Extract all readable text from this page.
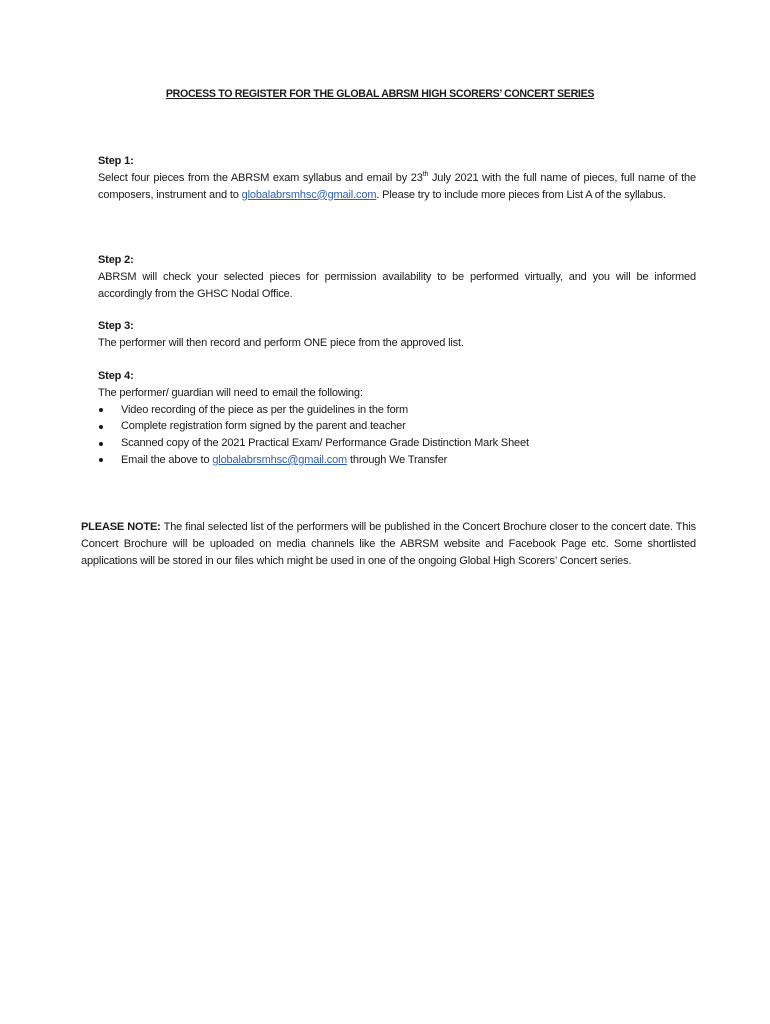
PROCESS TO REGISTER FOR THE GLOBAL ABRSM HIGH SCORERS’ CONCERT SERIES

Step 1:

Select four pieces from the ABRSM exam syllabus and email by 23th July 2021 with the full name of pieces, full name of the composers, instrument and to globalabrsmhsc@gmail.com. Please try to include more pieces from List A of the syllabus.

Step 2:

ABRSM will check your selected pieces for permission availability to be performed virtually, and you will be informed accordingly from the GHSC Nodal Office.

Step 3:

The performer will then record and perform ONE piece from the approved list.

Step 4:

The performer/ guardian will need to email the following:

Video recording of the piece as per the guidelines in the form
Complete registration form signed by the parent and teacher
Scanned copy of the 2021 Practical Exam/ Performance Grade Distinction Mark Sheet
Email the above to globalabrsmhsc@gmail.com through We Transfer

PLEASE NOTE: The final selected list of the performers will be published in the Concert Brochure closer to the concert date. This Concert Brochure will be uploaded on media channels like the ABRSM website and Facebook Page etc. Some shortlisted applications will be stored in our files which might be used in one of the ongoing Global High Scorers’ Concert series.
